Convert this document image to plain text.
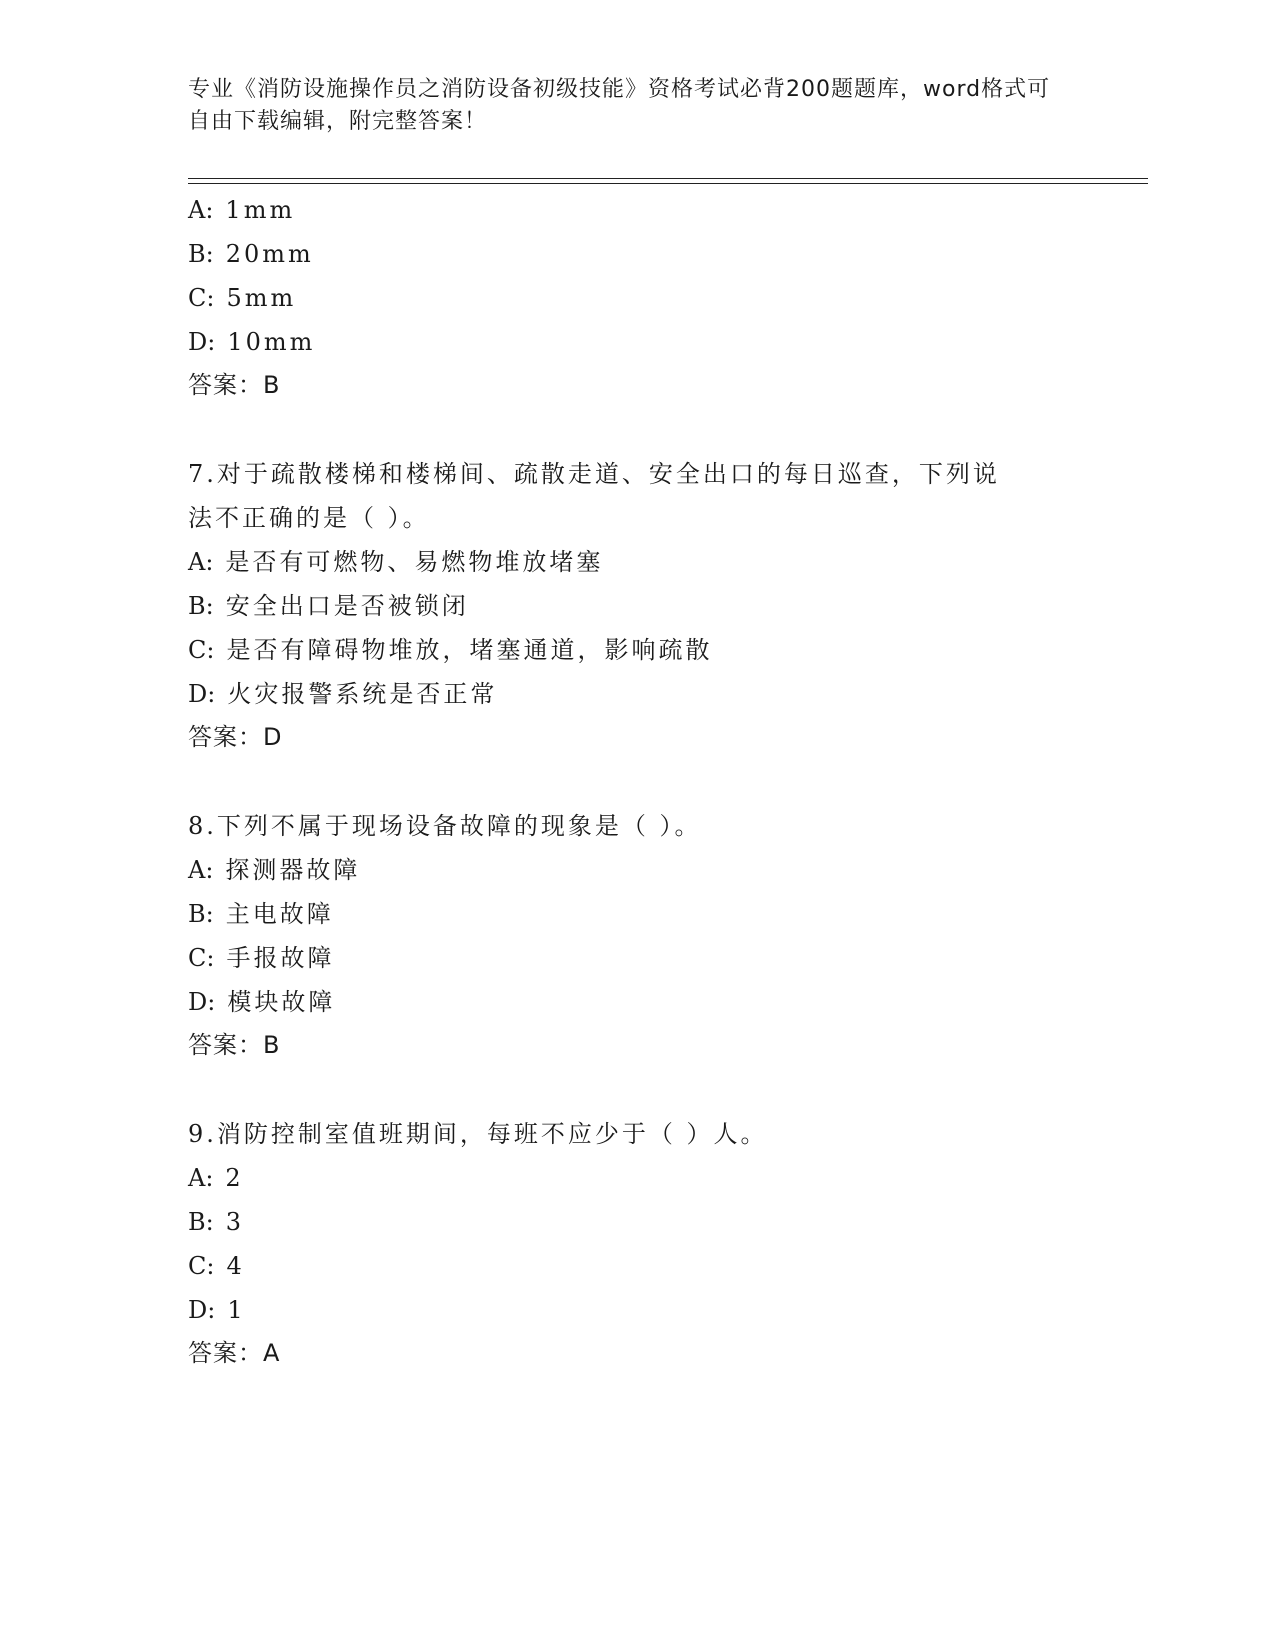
专业《消防设施操作员之消防设备初级技能》资格考试必背200题题库，word格式可自由下载编辑，附完整答案！
A: 1mm
B: 20mm
C: 5mm
D: 10mm
答案：B
7.对于疏散楼梯和楼梯间、疏散走道、安全出口的每日巡查，下列说
法不正确的是（ ）。
A: 是否有可燃物、易燃物堆放堵塞
B: 安全出口是否被锁闭
C: 是否有障碍物堆放，堵塞通道，影响疏散
D: 火灾报警系统是否正常
答案：D
8.下列不属于现场设备故障的现象是（ ）。
A: 探测器故障
B: 主电故障
C: 手报故障
D: 模块故障
答案：B
9.消防控制室值班期间，每班不应少于（ ）人。
A: 2
B: 3
C: 4
D: 1
答案：A
